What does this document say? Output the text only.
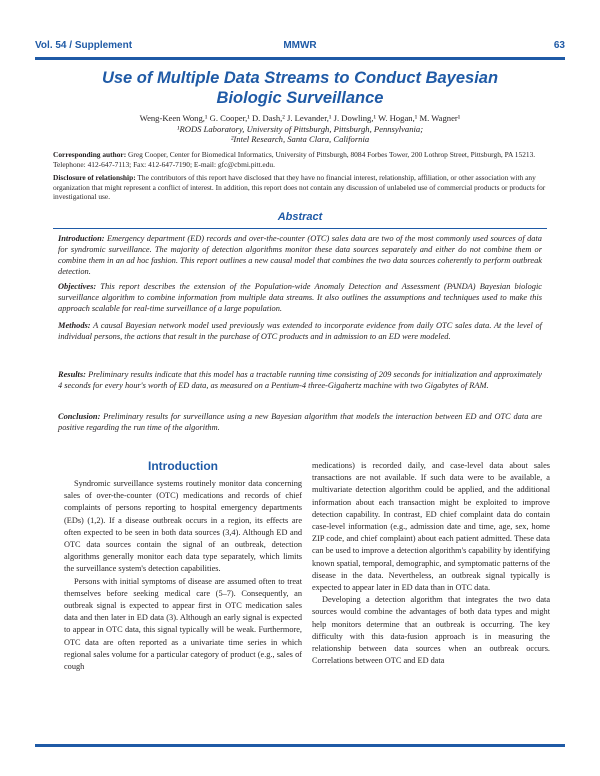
Vol. 54 / Supplement	MMWR	63
Use of Multiple Data Streams to Conduct Bayesian
Biologic Surveillance
Weng-Keen Wong,¹ G. Cooper,¹ D. Dash,² J. Levander,¹ J. Dowling,¹ W. Hogan,¹ M. Wagner¹
¹RODS Laboratory, University of Pittsburgh, Pittsburgh, Pennsylvania;
²Intel Research, Santa Clara, California
Corresponding author: Greg Cooper, Center for Biomedical Informatics, University of Pittsburgh, 8084 Forbes Tower, 200 Lothrop Street, Pittsburgh, PA 15213. Telephone: 412-647-7113; Fax: 412-647-7190; E-mail: gfc@cbmi.pitt.edu.
Disclosure of relationship: The contributors of this report have disclosed that they have no financial interest, relationship, affiliation, or other association with any organization that might represent a conflict of interest. In addition, this report does not contain any discussion of unlabeled use of commercial products or products for investigational use.
Abstract
Introduction: Emergency department (ED) records and over-the-counter (OTC) sales data are two of the most commonly used sources of data for syndromic surveillance. The majority of detection algorithms monitor these data sources separately and either do not combine them or combine them in an ad hoc fashion. This report outlines a new causal model that combines the two data sources coherently to perform outbreak detection.
Objectives: This report describes the extension of the Population-wide Anomaly Detection and Assessment (PANDA) Bayesian biologic surveillance algorithm to combine information from multiple data streams. It also outlines the assumptions and techniques used to make this approach scalable for real-time surveillance of a large population.
Methods: A causal Bayesian network model used previously was extended to incorporate evidence from daily OTC sales data. At the level of individual persons, the actions that result in the purchase of OTC products and in admission to an ED were modeled.
Results: Preliminary results indicate that this model has a tractable running time consisting of 209 seconds for initialization and approximately 4 seconds for every hour's worth of ED data, as measured on a Pentium-4 three-Gigahertz machine with two Gigabytes of RAM.
Conclusion: Preliminary results for surveillance using a new Bayesian algorithm that models the interaction between ED and OTC data are positive regarding the run time of the algorithm.
Introduction

Syndromic surveillance systems routinely monitor data concerning sales of over-the-counter (OTC) medications and records of chief complaints of persons reporting to hospital emergency departments (EDs) (1,2). If a disease outbreak occurs in a region, its effects are often expected to be seen in both data sources (3,4). Although ED and OTC data sources contain the signal of an outbreak, detection algorithms generally monitor each data type separately, which limits the surveillance system's detection capabilities.

Persons with initial symptoms of disease are assumed often to treat themselves before seeking medical care (5–7). Consequently, an outbreak signal is expected to appear first in OTC medication sales data and then later in ED data (3). Although an early signal is expected to appear in OTC data, this signal typically will be weak. Furthermore, OTC data are often reported as a univariate time series in which regional sales volume for a particular category of product (e.g., sales of cough

medications) is recorded daily, and case-level data about sales transactions are not available. If such data were to be available, a multivariate detection algorithm could be applied, and the additional information about each transaction might be exploited to improve detection capability. In contrast, ED chief complaint data do contain case-level information (e.g., admission date and time, age, sex, home ZIP code, and chief complaint) about each patient admitted. These data can be used to improve a detection algorithm's capability by identifying known spatial, temporal, demographic, and symptomatic patterns of the disease in the data. Nevertheless, an outbreak signal typically is expected to appear later in ED data than in OTC data.

Developing a detection algorithm that integrates the two data sources would combine the advantages of both data types and might help monitors determine that an outbreak is occurring. The key difficulty with this data-fusion approach is in measuring the relationship between data sources when an outbreak occurs. Correlations between OTC and ED data
